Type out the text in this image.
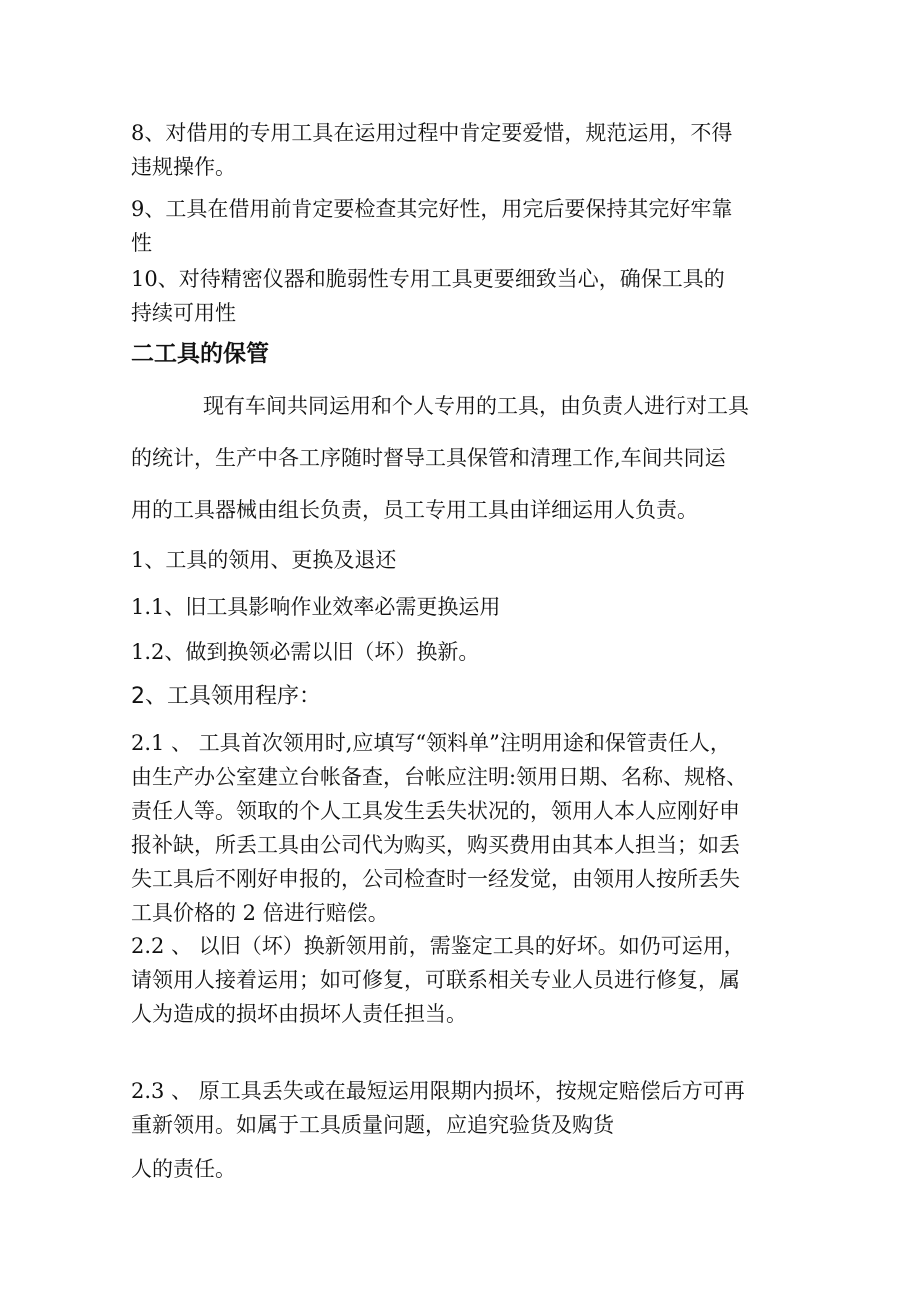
8、对借用的专用工具在运用过程中肯定要爱惜，规范运用，不得
违规操作。

9、工具在借用前肯定要检查其完好性，用完后要保持其完好牢靠
性

10、对待精密仪器和脆弱性专用工具更要细致当心，确保工具的
持续可用性

二工具的保管

现有车间共同运用和个人专用的工具，由负责人进行对工具
的统计，生产中各工序随时督导工具保管和清理工作,车间共同运
用的工具器械由组长负责，员工专用工具由详细运用人负责。

1、工具的领用、更换及退还

1.1、旧工具影响作业效率必需更换运用

1.2、做到换领必需以旧（坏）换新。

2、工具领用程序：

2.1 、 工具首次领用时,应填写“领料单”注明用途和保管责任人，
由生产办公室建立台帐备查，台帐应注明:领用日期、名称、规格、
责任人等。领取的个人工具发生丢失状况的，领用人本人应刚好申
报补缺，所丢工具由公司代为购买，购买费用由其本人担当；如丢
失工具后不刚好申报的，公司检查时一经发觉，由领用人按所丢失
工具价格的 2 倍进行赔偿。

2.2 、 以旧（坏）换新领用前，需鉴定工具的好坏。如仍可运用，
请领用人接着运用；如可修复，可联系相关专业人员进行修复，属
人为造成的损坏由损坏人责任担当。

2.3 、 原工具丢失或在最短运用限期内损坏，按规定赔偿后方可再
重新领用。如属于工具质量问题，应追究验货及购货

人的责任。
